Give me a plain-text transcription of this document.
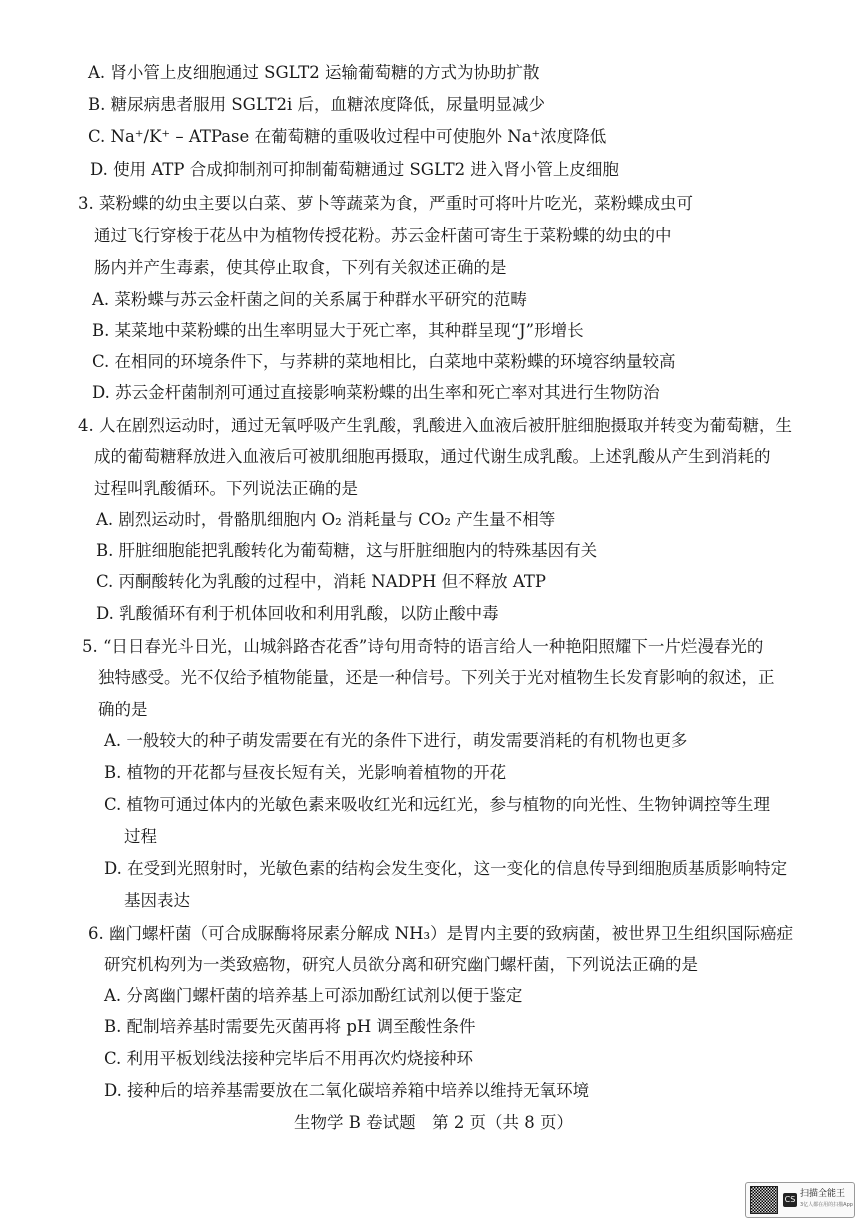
A. 肾小管上皮细胞通过 SGLT2 运输葡萄糖的方式为协助扩散
B. 糖尿病患者服用 SGLT2i 后，血糖浓度降低，尿量明显减少
C. Na⁺/K⁺ – ATPase 在葡萄糖的重吸收过程中可使胞外 Na⁺浓度降低
D. 使用 ATP 合成抑制剂可抑制葡萄糖通过 SGLT2 进入肾小管上皮细胞
3. 菜粉蝶的幼虫主要以白菜、萝卜等蔬菜为食，严重时可将叶片吃光，菜粉蝶成虫可
通过飞行穿梭于花丛中为植物传授花粉。苏云金杆菌可寄生于菜粉蝶的幼虫的中
肠内并产生毒素，使其停止取食，下列有关叙述正确的是
A. 菜粉蝶与苏云金杆菌之间的关系属于种群水平研究的范畴
B. 某菜地中菜粉蝶的出生率明显大于死亡率，其种群呈现“J”形增长
C. 在相同的环境条件下，与荞耕的菜地相比，白菜地中菜粉蝶的环境容纳量较高
D. 苏云金杆菌制剂可通过直接影响菜粉蝶的出生率和死亡率对其进行生物防治
4. 人在剧烈运动时，通过无氧呼吸产生乳酸，乳酸进入血液后被肝脏细胞摄取并转变为葡萄糖，生
成的葡萄糖释放进入血液后可被肌细胞再摄取，通过代谢生成乳酸。上述乳酸从产生到消耗的
过程叫乳酸循环。下列说法正确的是
A. 剧烈运动时，骨骼肌细胞内 O₂ 消耗量与 CO₂ 产生量不相等
B. 肝脏细胞能把乳酸转化为葡萄糖，这与肝脏细胞内的特殊基因有关
C. 丙酮酸转化为乳酸的过程中，消耗 NADPH 但不释放 ATP
D. 乳酸循环有利于机体回收和利用乳酸，以防止酸中毒
5. “日日春光斗日光，山城斜路杏花香”诗句用奇特的语言给人一种艳阳照耀下一片烂漫春光的
独特感受。光不仅给予植物能量，还是一种信号。下列关于光对植物生长发育影响的叙述，正
确的是
A. 一般较大的种子萌发需要在有光的条件下进行，萌发需要消耗的有机物也更多
B. 植物的开花都与昼夜长短有关，光影响着植物的开花
C. 植物可通过体内的光敏色素来吸收红光和远红光，参与植物的向光性、生物钟调控等生理
过程
D. 在受到光照射时，光敏色素的结构会发生变化，这一变化的信息传导到细胞质基质影响特定
基因表达
6. 幽门螺杆菌（可合成脲酶将尿素分解成 NH₃）是胃内主要的致病菌，被世界卫生组织国际癌症
研究机构列为一类致癌物，研究人员欲分离和研究幽门螺杆菌，下列说法正确的是
A. 分离幽门螺杆菌的培养基上可添加酚红试剂以便于鉴定
B. 配制培养基时需要先灭菌再将 pH 调至酸性条件
C. 利用平板划线法接种完毕后不用再次灼烧接种环
D. 接种后的培养基需要放在二氧化碳培养箱中培养以维持无氧环境
生物学 B 卷试题　第 2 页（共 8 页）
CS
扫描全能王
3亿人都在用的扫描App
